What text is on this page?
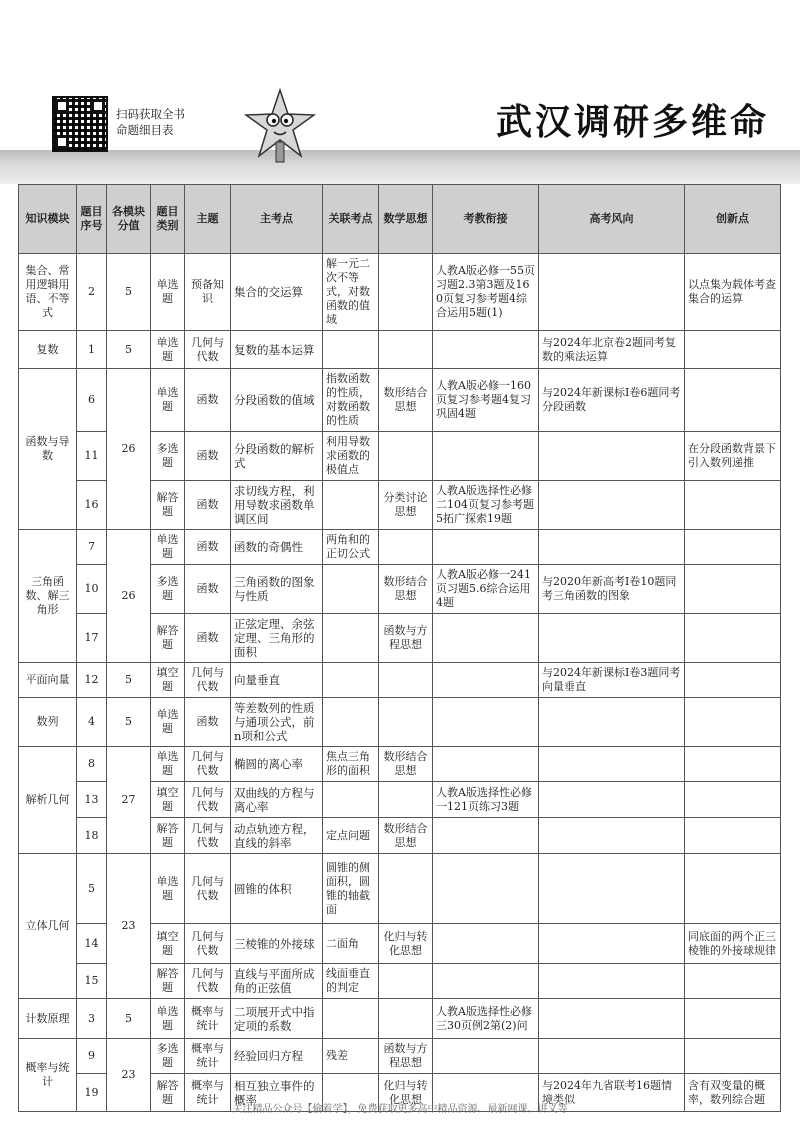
扫码获取全书
命题细目表	武汉调研多维命
知识模块	题目序号	各模块分值	题目类别	主题	主考点	关联考点	数学思想	考教衔接	高考风向	创新点
集合、常用逻辑用语、不等式	2	5	单选题	预备知识	集合的交运算	解一元二次不等式，对数函数的值域		人教A版必修一55页习题2.3第3题及160页复习参考题4综合运用5题(1)		以点集为载体考查集合的运算
复数	1	5	单选题	几何与代数	复数的基本运算				与2024年北京卷2题同考复数的乘法运算	
函数与导数	6	26	单选题	函数	分段函数的值域	指数函数的性质，对数函数的性质	数形结合思想	人教A版必修一160页复习参考题4复习巩固4题	与2024年新课标Ⅰ卷6题同考分段函数	
	11		多选题	函数	分段函数的解析式	利用导数求函数的极值点				在分段函数背景下引入数列递推
	16		解答题	函数	求切线方程，利用导数求函数单调区间		分类讨论思想	人教A版选择性必修二104页复习参考题5拓广探索19题		
三角函数、解三角形	7	26	单选题	函数	函数的奇偶性	两角和的正切公式				
	10		多选题	函数	三角函数的图象与性质		数形结合思想	人教A版必修一241页习题5.6综合运用4题	与2020年新高考Ⅰ卷10题同考三角函数的图象	
	17		解答题	函数	正弦定理、余弦定理、三角形的面积		函数与方程思想			
平面向量	12	5	填空题	几何与代数	向量垂直				与2024年新课标Ⅰ卷3题同考向量垂直	
数列	4	5	单选题	函数	等差数列的性质与通项公式，前n项和公式					
解析几何	8	27	单选题	几何与代数	椭圆的离心率	焦点三角形的面积	数形结合思想			
	13		填空题	几何与代数	双曲线的方程与离心率			人教A版选择性必修一121页练习3题		
	18		解答题	几何与代数	动点轨迹方程，直线的斜率	定点问题	数形结合思想			
立体几何	5	23	单选题	几何与代数	圆锥的体积	圆锥的侧面积，圆锥的轴截面				
	14		填空题	几何与代数	三棱锥的外接球	二面角	化归与转化思想			同底面的两个正三棱锥的外接球规律
	15		解答题	几何与代数	直线与平面所成角的正弦值	线面垂直的判定				
计数原理	3	5	单选题	概率与统计	二项展开式中指定项的系数			人教A版选择性必修三30页例2第(2)问		
概率与统计	9	23	多选题	概率与统计	经验回归方程	残差	函数与方程思想			
	19		解答题	概率与统计	相互独立事件的概率		化归与转化思想		与2024年九省联考16题情境类似	含有双变量的概率，数列综合题
关注精品公众号【偷着学】，免费获取更多高中精品资源、最新网课、讲义等
